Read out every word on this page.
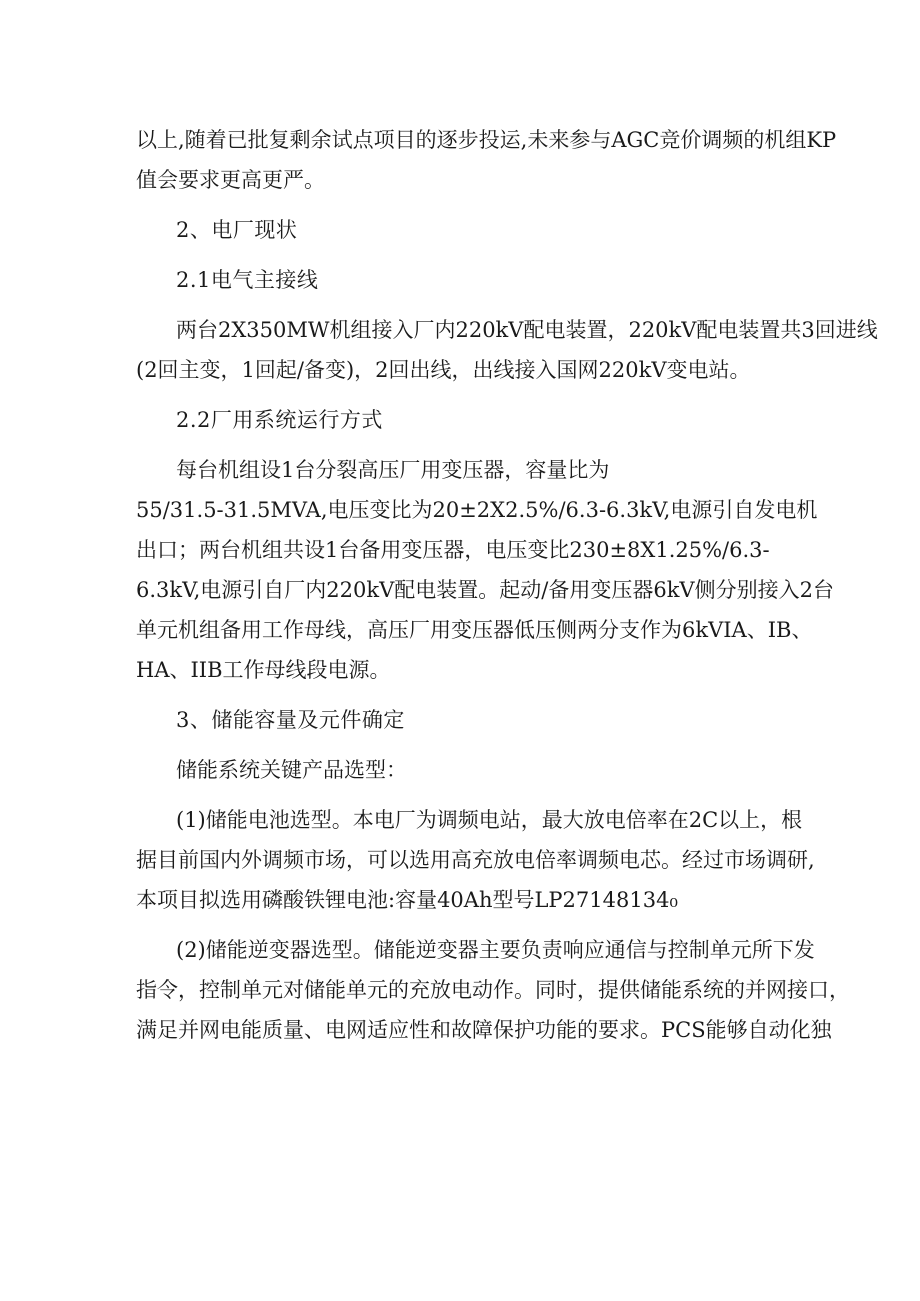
以上,随着已批复剩余试点项目的逐步投运,未来参与AGC竞价调频的机组KP
值会要求更高更严。
2、电厂现状
2.1电气主接线
两台2X350MW机组接入厂内220kV配电装置，220kV配电装置共3回进线
(2回主变，1回起/备变)，2回出线，出线接入国网220kV变电站。
2.2厂用系统运行方式
每台机组设1台分裂高压厂用变压器，容量比为
55/31.5-31.5MVA,电压变比为20±2X2.5%/6.3-6.3kV,电源引自发电机
出口；两台机组共设1台备用变压器，电压变比230±8X1.25%/6.3-
6.3kV,电源引自厂内220kV配电装置。起动/备用变压器6kV侧分别接入2台
单元机组备用工作母线，高压厂用变压器低压侧两分支作为6kVIA、IB、
HA、IIB工作母线段电源。
3、储能容量及元件确定
储能系统关键产品选型：
(1)储能电池选型。本电厂为调频电站，最大放电倍率在2C以上，根
据目前国内外调频市场，可以选用高充放电倍率调频电芯。经过市场调研,
本项目拟选用磷酸铁锂电池:容量40Ah型号LP27148134₀
(2)储能逆变器选型。储能逆变器主要负责响应通信与控制单元所下发
指令，控制单元对储能单元的充放电动作。同时，提供储能系统的并网接口，
满足并网电能质量、电网适应性和故障保护功能的要求。PCS能够自动化独
